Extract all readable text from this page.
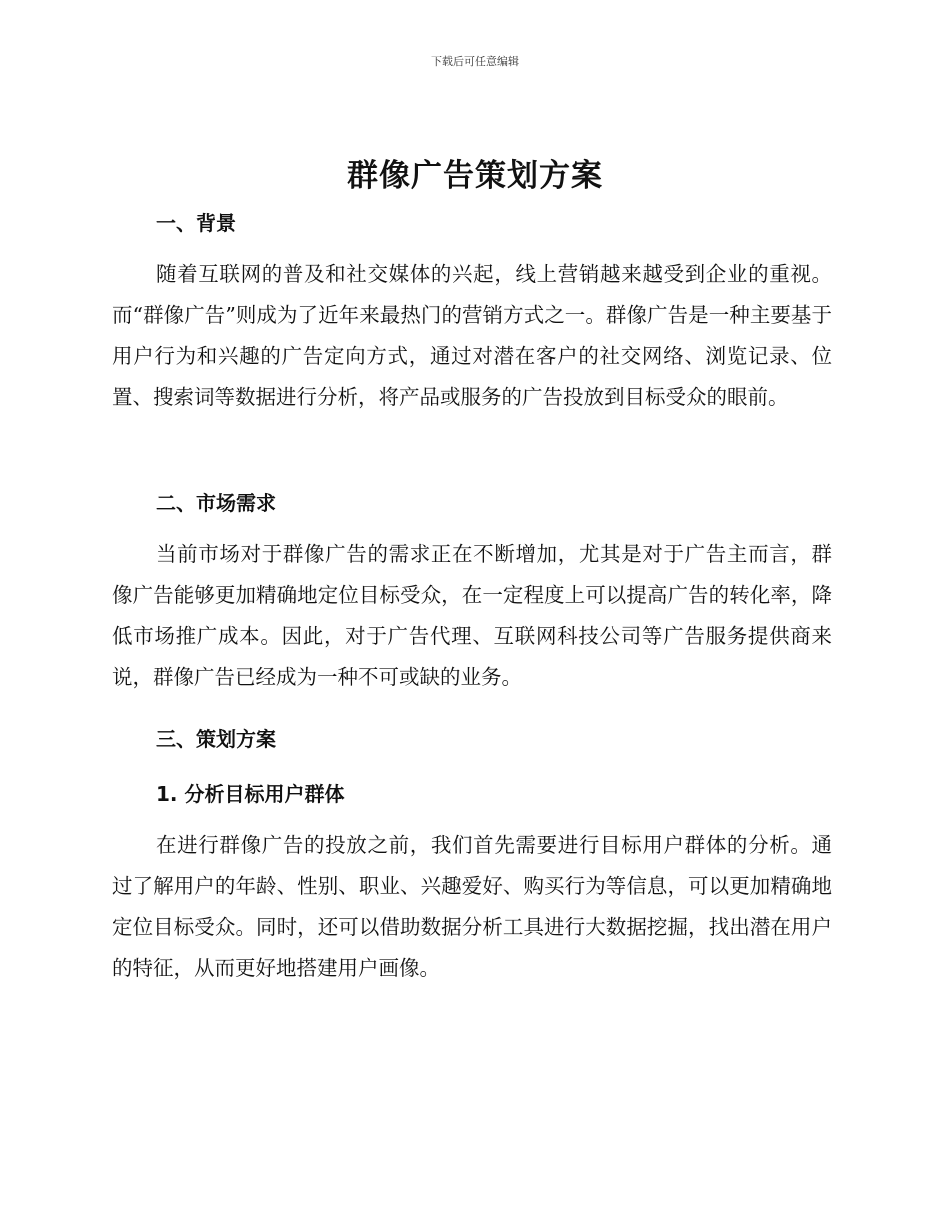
下载后可任意编辑
群像广告策划方案
一、背景
随着互联网的普及和社交媒体的兴起，线上营销越来越受到企业的重视。而“群像广告”则成为了近年来最热门的营销方式之一。群像广告是一种主要基于用户行为和兴趣的广告定向方式，通过对潜在客户的社交网络、浏览记录、位置、搜索词等数据进行分析，将产品或服务的广告投放到目标受众的眼前。
二、市场需求
当前市场对于群像广告的需求正在不断增加，尤其是对于广告主而言，群像广告能够更加精确地定位目标受众，在一定程度上可以提高广告的转化率，降低市场推广成本。因此，对于广告代理、互联网科技公司等广告服务提供商来说，群像广告已经成为一种不可或缺的业务。
三、策划方案
1. 分析目标用户群体
在进行群像广告的投放之前，我们首先需要进行目标用户群体的分析。通过了解用户的年龄、性别、职业、兴趣爱好、购买行为等信息，可以更加精确地定位目标受众。同时，还可以借助数据分析工具进行大数据挖掘，找出潜在用户的特征，从而更好地搭建用户画像。
